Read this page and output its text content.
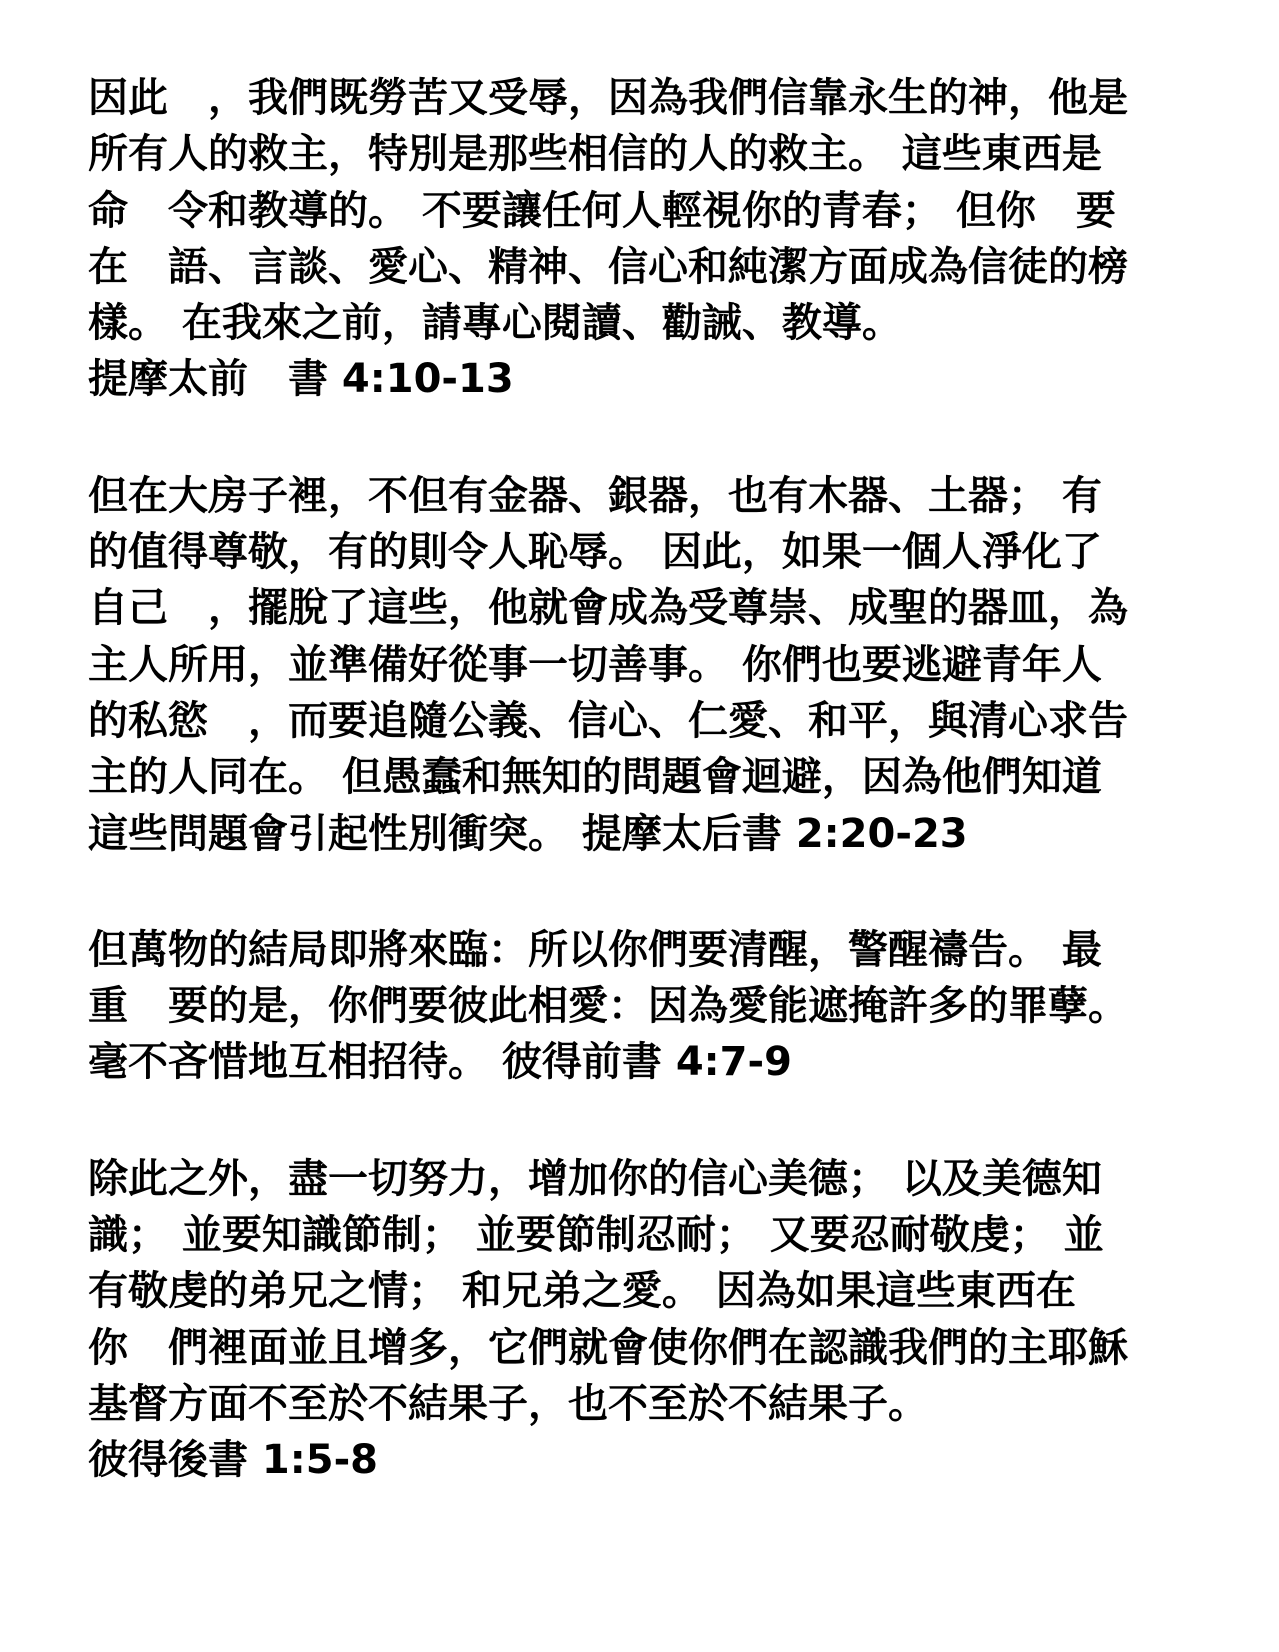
因此　，我們既勞苦又受辱，因為我們信靠永生的神，他是
所有人的救主，特別是那些相信的人的救主。 這些東西是
命　令和教導的。 不要讓任何人輕視你的青春； 但你　要
在　語、言談、愛心、精神、信心和純潔方面成為信徒的榜
樣。 在我來之前，請專心閱讀、勸誡、教導。
提摩太前　書 4:10-13
但在大房子裡，不但有金器、銀器，也有木器、土器； 有
的值得尊敬，有的則令人恥辱。 因此，如果一個人淨化了
自己　，擺脫了這些，他就會成為受尊崇、成聖的器皿，為
主人所用，並準備好從事一切善事。 你們也要逃避青年人
的私慾　，而要追隨公義、信心、仁愛、和平，與清心求告
主的人同在。 但愚蠢和無知的問題會迴避，因為他們知道
這些問題會引起性別衝突。 提摩太后書 2:20-23
但萬物的結局即將來臨：所以你們要清醒，警醒禱告。 最
重　要的是，你們要彼此相愛：因為愛能遮掩許多的罪孽。
毫不吝惜地互相招待。 彼得前書 4:7-9
除此之外，盡一切努力，增加你的信心美德； 以及美德知
識； 並要知識節制； 並要節制忍耐； 又要忍耐敬虔； 並
有敬虔的弟兄之情； 和兄弟之愛。 因為如果這些東西在
你　們裡面並且增多，它們就會使你們在認識我們的主耶穌
基督方面不至於不結果子，也不至於不結果子。
彼得後書 1:5-8
